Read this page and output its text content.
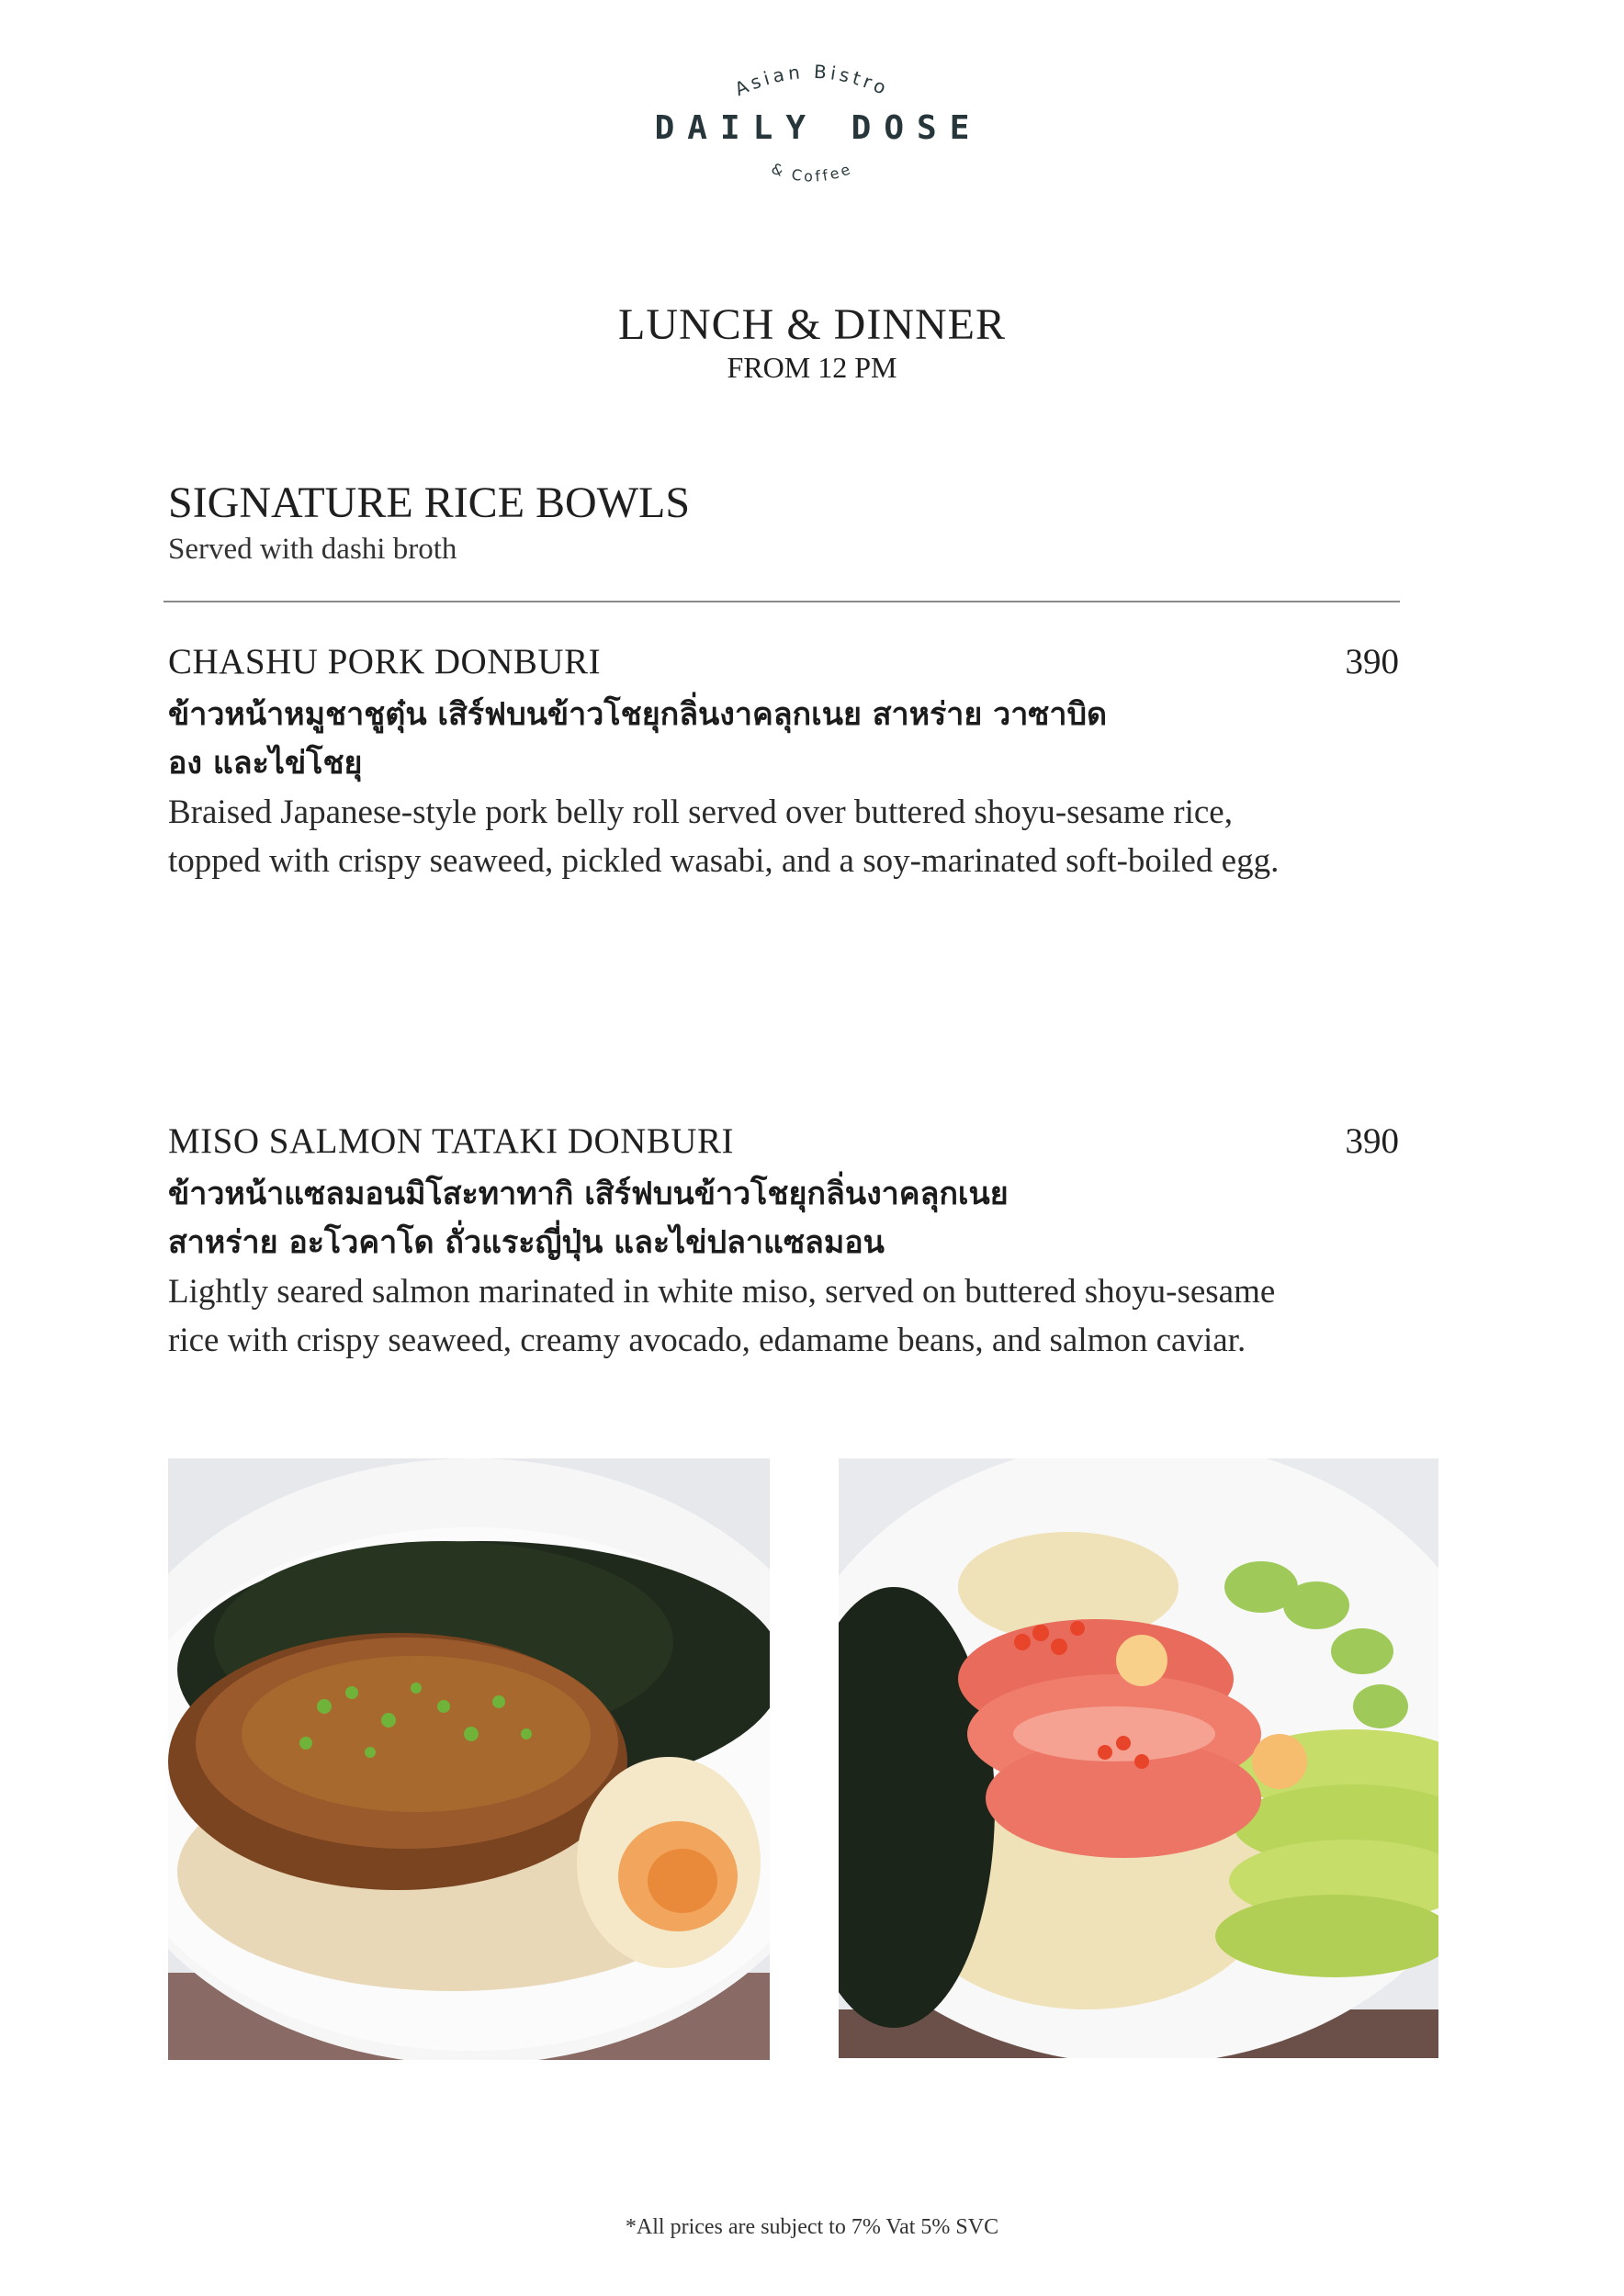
Asian Bistro
DAILY DOSE
& Coffee
LUNCH & DINNER
FROM 12 PM
SIGNATURE RICE BOWLS
Served with dashi broth
CHASHU PORK DONBURI	390
ข้าวหน้าหมูชาชูตุ๋น เสิร์ฟบนข้าวโชยุกลิ่นงาคลุกเนย สาหร่าย วาซาบิดอง และไข่โชยุ
Braised Japanese-style pork belly roll served over buttered shoyu-sesame rice, topped with crispy seaweed, pickled wasabi, and a soy-marinated soft-boiled egg.
MISO SALMON TATAKI DONBURI	390
ข้าวหน้าแซลมอนมิโสะทาทากิ เสิร์ฟบนข้าวโชยุกลิ่นงาคลุกเนย สาหร่าย อะโวคาโด ถั่วแระญี่ปุ่น และไข่ปลาแซลมอน
Lightly seared salmon marinated in white miso, served on buttered shoyu-sesame rice with crispy seaweed, creamy avocado, edamame beans, and salmon caviar.
*All prices are subject to 7% Vat 5% SVC
